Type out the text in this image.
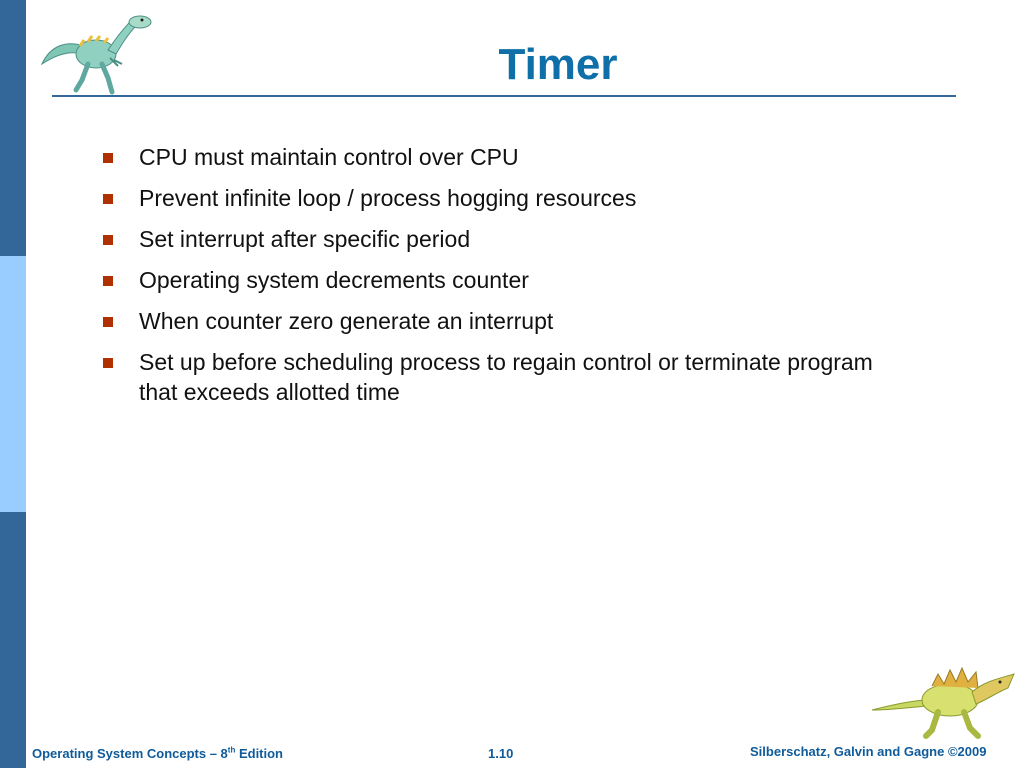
Timer
CPU must maintain control over CPU
Prevent infinite loop / process hogging resources
Set interrupt after specific period
Operating system decrements counter
When counter zero generate an interrupt
Set up before scheduling process to regain control or terminate program that exceeds allotted time
Operating System Concepts – 8th Edition	1.10	Silberschatz, Galvin and Gagne ©2009
